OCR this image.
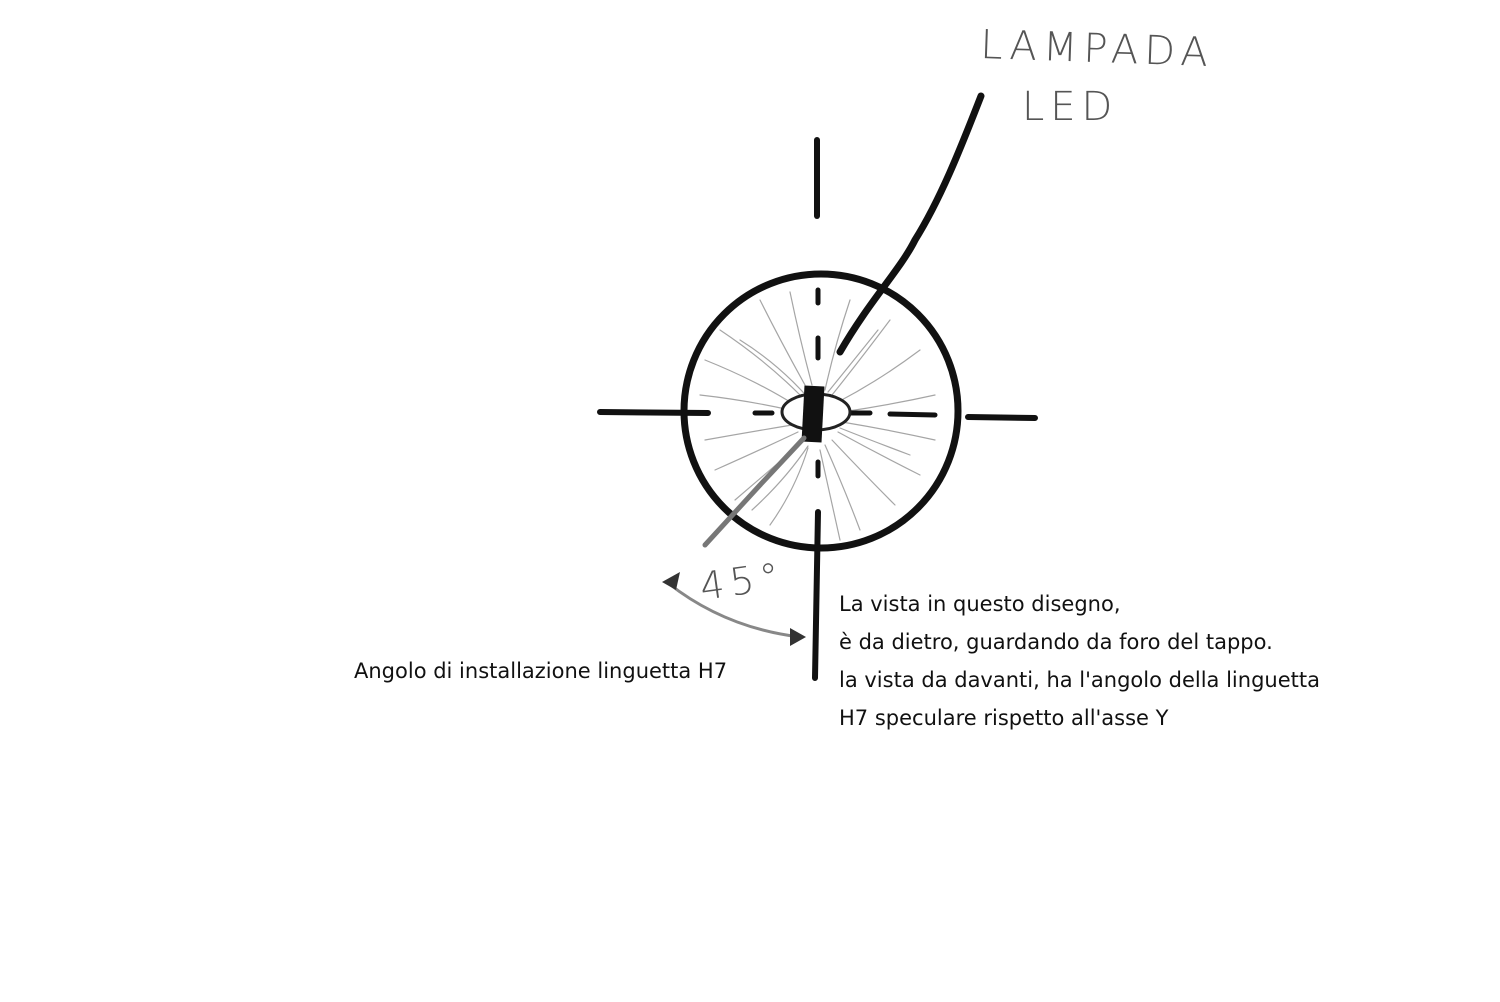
LAMPADA
LED
45°
Angolo di installazione linguetta H7
La vista in questo disegno,
è da dietro, guardando da foro del tappo.
la vista da davanti, ha l'angolo della linguetta
H7 speculare rispetto all'asse Y
